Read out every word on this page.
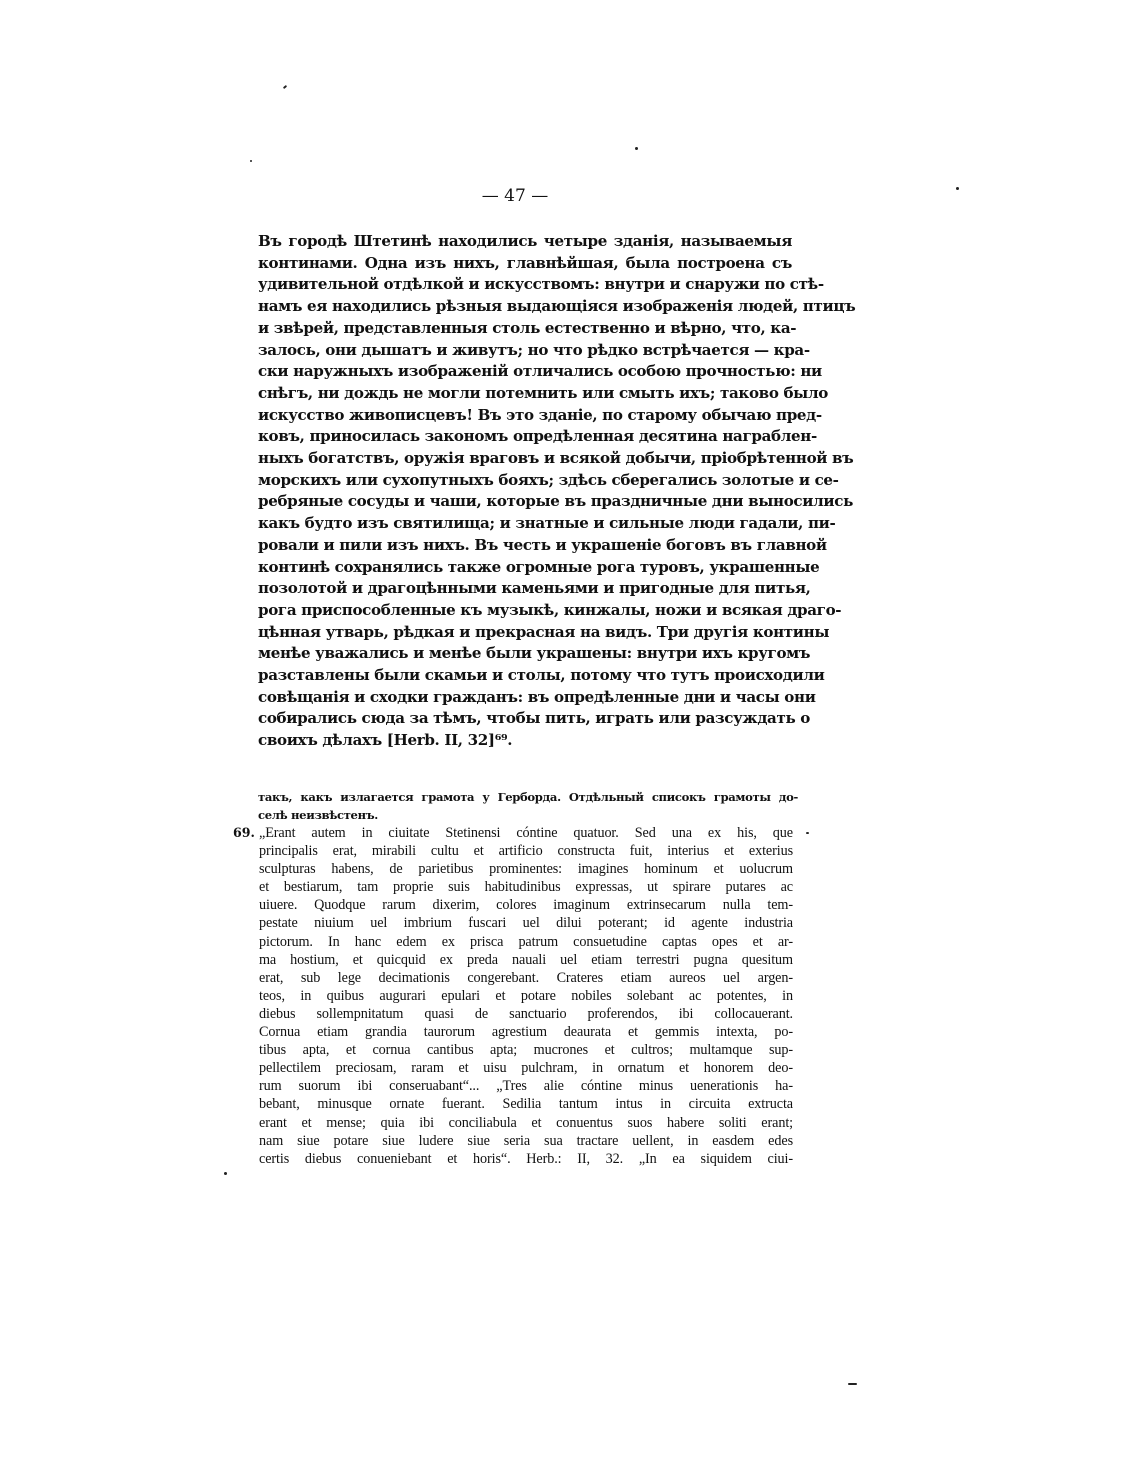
— 47 —
Въ городѣ Штетинѣ находились четыре зданія, называемыя
континами. Одна изъ нихъ, главнѣйшая, была построена съ
удивительной отдѣлкой и искусствомъ: внутри и снаружи по стѣ-
намъ ея находились рѣзныя выдающіяся изображенія людей, птицъ
и звѣрей, представленныя столь естественно и вѣрно, что, ка-
залось, они дышатъ и живутъ; но что рѣдко встрѣчается — кра-
ски наружныхъ изображеній отличались особою прочностью: ни
снѣгъ, ни дождь не могли потемнить или смыть ихъ; таково было
искусство живописцевъ! Въ это зданіе, по старому обычаю пред-
ковъ, приносилась закономъ опредѣленная десятина награблен-
ныхъ богатствъ, оружія враговъ и всякой добычи, пріобрѣтенной въ
морскихъ или сухопутныхъ бояхъ; здѣсь сберегались золотые и се-
ребряные сосуды и чаши, которые въ праздничные дни выносились
какъ будто изъ святилища; и знатные и сильные люди гадали, пи-
ровали и пили изъ нихъ. Въ честь и украшеніе боговъ въ главной
континѣ сохранялись также огромные рога туровъ, украшенные
позолотой и драгоцѣнными каменьями и пригодные для питья,
рога приспособленные къ музыкѣ, кинжалы, ножи и всякая драго-
цѣнная утварь, рѣдкая и прекрасная на видъ. Три другія контины
менѣе уважались и менѣе были украшены: внутри ихъ кругомъ
разставлены были скамьи и столы, потому что тутъ происходили
совѣщанія и сходки гражданъ: въ опредѣленные дни и часы они
собирались сюда за тѣмъ, чтобы пить, играть или разсуждать о
своихъ дѣлахъ [Herb. II, 32]⁶⁹.
такъ, какъ излагается грамота у Герборда. Отдѣльный списокъ грамоты до-
селѣ неизвѣстенъ.
69. „Erant autem in ciuitate Stetinensi cóntine quatuor. Sed una ex his, que
principalis erat, mirabili cultu et artificio constructa fuit, interius et exterius
sculpturas habens, de parietibus prominentes: imagines hominum et uolucrum
et bestiarum, tam proprie suis habitudinibus expressas, ut spirare putares ac
uiuere. Quodque rarum dixerim, colores imaginum extrinsecarum nulla tem-
pestate niuium uel imbrium fuscari uel dilui poterant; id agente industria
pictorum. In hanc edem ex prisca patrum consuetudine captas opes et ar-
ma hostium, et quicquid ex preda nauali uel etiam terrestri pugna quesitum
erat, sub lege decimationis congerebant. Crateres etiam aureos uel argen-
teos, in quibus augurari epulari et potare nobiles solebant ac potentes, in
diebus sollempnitatum quasi de sanctuario proferendos, ibi collocauerant.
Cornua etiam grandia taurorum agrestium deaurata et gemmis intexta, po-
tibus apta, et cornua cantibus apta; mucrones et cultros; multamque sup-
pellectilem preciosam, raram et uisu pulchram, in ornatum et honorem deo-
rum suorum ibi conseruabant“... „Tres alie cóntine minus uenerationis ha-
bebant, minusque ornate fuerant. Sedilia tantum intus in circuita extructa
erant et mense; quia ibi conciliabula et conuentus suos habere soliti erant;
nam siue potare siue ludere siue seria sua tractare uellent, in easdem edes
certis diebus conueniebant et horis“. Herb.: II, 32. „In ea siquidem ciui-
